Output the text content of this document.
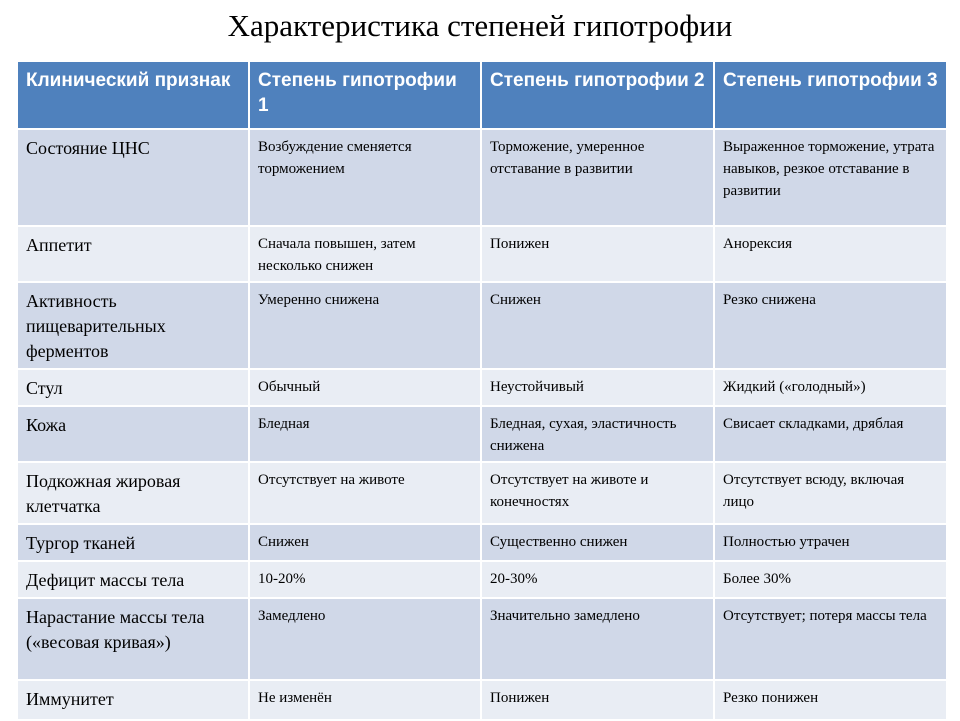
Характеристика степеней гипотрофии
Клинический признак	Степень гипотрофии 1	Степень гипотрофии 2	Степень гипотрофии 3
Состояние ЦНС	Возбуждение сменяется торможением	Торможение, умеренное отставание в развитии	Выраженное торможение, утрата навыков, резкое отставание в развитии
Аппетит	Сначала повышен, затем несколько снижен	Понижен	Анорексия
Активность пищеварительных ферментов	Умеренно снижена	Снижен	Резко снижена
Стул	Обычный	Неустойчивый	Жидкий («голодный»)
Кожа	Бледная	Бледная, сухая, эластичность снижена	Свисает складками, дряблая
Подкожная жировая клетчатка	Отсутствует на животе	Отсутствует на животе и конечностях	Отсутствует всюду, включая лицо
Тургор тканей	Снижен	Существенно снижен	Полностью утрачен
Дефицит массы тела	10-20%	20-30%	Более 30%
Нарастание массы тела («весовая кривая»)	Замедлено	Значительно замедлено	Отсутствует; потеря массы тела
Иммунитет	Не изменён	Понижен	Резко понижен
